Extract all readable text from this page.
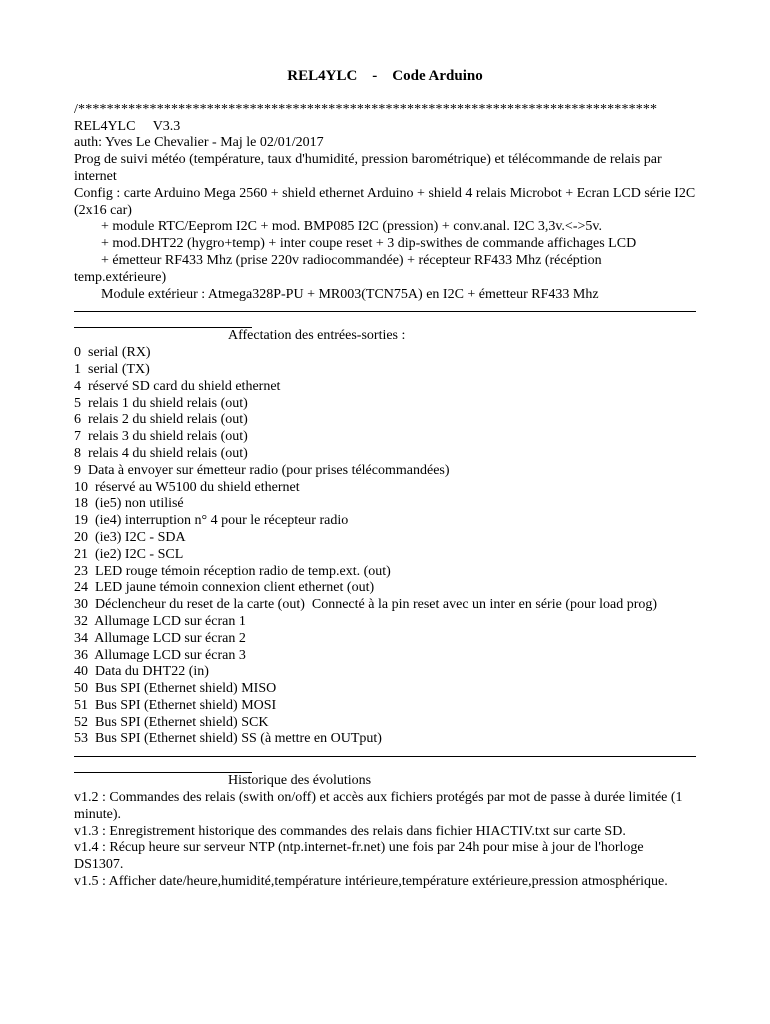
REL4YLC    -    Code Arduino
/*********************************************************************************
REL4YLC     V3.3
auth: Yves Le Chevalier - Maj le 02/01/2017
Prog de suivi météo (température, taux d'humidité, pression barométrique) et télécommande de relais par internet
Config : carte Arduino Mega 2560 + shield ethernet Arduino + shield 4 relais Microbot + Ecran LCD série I2C (2x16 car)
+ module RTC/Eeprom I2C + mod. BMP085 I2C (pression) + conv.anal. I2C 3,3v.<->5v.
+ mod.DHT22 (hygro+temp) + inter coupe reset + 3 dip-swithes de commande affichages LCD
+ émetteur RF433 Mhz (prise 220v radiocommandée) + récepteur RF433 Mhz (récéption temp.extérieure)
Module extérieur : Atmega328P-PU + MR003(TCN75A) en I2C + émetteur RF433 Mhz
Affectation des entrées-sorties :
0  serial (RX)
1  serial (TX)
4  réservé SD card du shield ethernet
5  relais 1 du shield relais (out)
6  relais 2 du shield relais (out)
7  relais 3 du shield relais (out)
8  relais 4 du shield relais (out)
9  Data à envoyer sur émetteur radio (pour prises télécommandées)
10  réservé au W5100 du shield ethernet
18  (ie5) non utilisé
19  (ie4) interruption n° 4 pour le récepteur radio
20  (ie3) I2C - SDA
21  (ie2) I2C - SCL
23  LED rouge témoin réception radio de temp.ext. (out)
24  LED jaune témoin connexion client ethernet (out)
30  Déclencheur du reset de la carte (out)  Connecté à la pin reset avec un inter en série (pour load prog)
32  Allumage LCD sur écran 1
34  Allumage LCD sur écran 2
36  Allumage LCD sur écran 3
40  Data du DHT22 (in)
50  Bus SPI (Ethernet shield) MISO
51  Bus SPI (Ethernet shield) MOSI
52  Bus SPI (Ethernet shield) SCK
53  Bus SPI (Ethernet shield) SS (à mettre en OUTput)
Historique des évolutions
v1.2 : Commandes des relais (swith on/off) et accès aux fichiers protégés par mot de passe à durée limitée (1 minute).
v1.3 : Enregistrement historique des commandes des relais dans fichier HIACTIV.txt sur carte SD.
v1.4 : Récup heure sur serveur NTP (ntp.internet-fr.net) une fois par 24h pour mise à jour de l'horloge DS1307.
v1.5 : Afficher date/heure,humidité,température intérieure,température extérieure,pression atmosphérique.
